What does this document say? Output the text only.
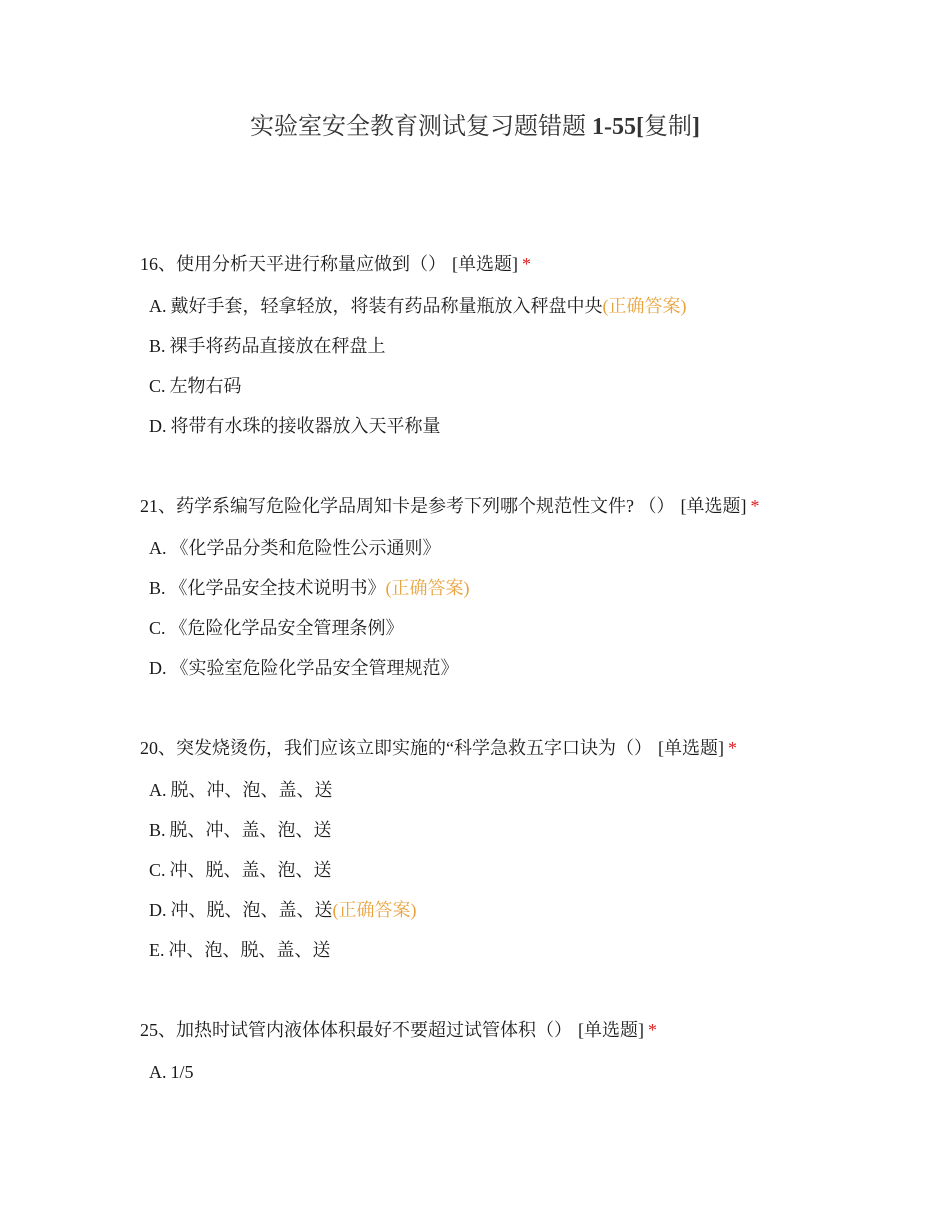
实验室安全教育测试复习题错题 1-55[复制]
16、使用分析天平进行称量应做到（） [单选题] *
A. 戴好手套，轻拿轻放，将装有药品称量瓶放入秤盘中央(正确答案)
B. 裸手将药品直接放在秤盘上
C. 左物右码
D. 将带有水珠的接收器放入天平称量
21、药学系编写危险化学品周知卡是参考下列哪个规范性文件? （） [单选题] *
A. 《化学品分类和危险性公示通则》
B. 《化学品安全技术说明书》(正确答案)
C. 《危险化学品安全管理条例》
D. 《实验室危险化学品安全管理规范》
20、突发烧烫伤，我们应该立即实施的“科学急救五字口诀为（） [单选题] *
A. 脱、冲、泡、盖、送
B. 脱、冲、盖、泡、送
C. 冲、脱、盖、泡、送
D. 冲、脱、泡、盖、送(正确答案)
E. 冲、泡、脱、盖、送
25、加热时试管内液体体积最好不要超过试管体积（） [单选题] *
A. 1/5
